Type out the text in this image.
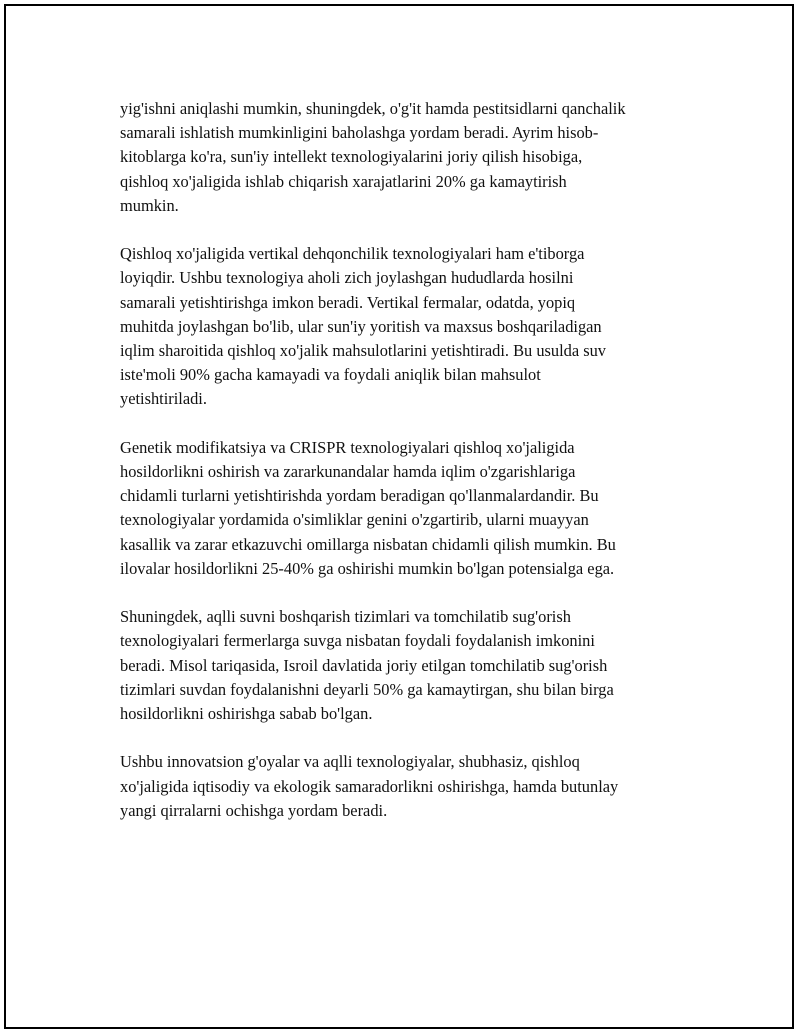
yig'ishni aniqlashi mumkin, shuningdek, o'g'it hamda pestitsidlarni qanchalik
samarali ishlatish mumkinligini baholashga yordam beradi. Ayrim hisob-
kitoblarga ko'ra, sun'iy intellekt texnologiyalarini joriy qilish hisobiga,
qishloq xo'jaligida ishlab chiqarish xarajatlarini 20% ga kamaytirish
mumkin.

Qishloq xo'jaligida vertikal dehqonchilik texnologiyalari ham e'tiborga
loyiqdir. Ushbu texnologiya aholi zich joylashgan hududlarda hosilni
samarali yetishtirishga imkon beradi. Vertikal fermalar, odatda, yopiq
muhitda joylashgan bo'lib, ular sun'iy yoritish va maxsus boshqariladigan
iqlim sharoitida qishloq xo'jalik mahsulotlarini yetishtiradi. Bu usulda suv
iste'moli 90% gacha kamayadi va foydali aniqlik bilan mahsulot
yetishtiriladi.

Genetik modifikatsiya va CRISPR texnologiyalari qishloq xo'jaligida
hosildorlikni oshirish va zararkunandalar hamda iqlim o'zgarishlariga
chidamli turlarni yetishtirishda yordam beradigan qo'llanmalardandir. Bu
texnologiyalar yordamida o'simliklar genini o'zgartirib, ularni muayyan
kasallik va zarar etkazuvchi omillarga nisbatan chidamli qilish mumkin. Bu
ilovalar hosildorlikni 25-40% ga oshirishi mumkin bo'lgan potensialga ega.

Shuningdek, aqlli suvni boshqarish tizimlari va tomchilatib sug'orish
texnologiyalari fermerlarga suvga nisbatan foydali foydalanish imkonini
beradi. Misol tariqasida, Isroil davlatida joriy etilgan tomchilatib sug'orish
tizimlari suvdan foydalanishni deyarli 50% ga kamaytirgan, shu bilan birga
hosildorlikni oshirishga sabab bo'lgan.

Ushbu innovatsion g'oyalar va aqlli texnologiyalar, shubhasiz, qishloq
xo'jaligida iqtisodiy va ekologik samaradorlikni oshirishga, hamda butunlay
yangi qirralarni ochishga yordam beradi.
